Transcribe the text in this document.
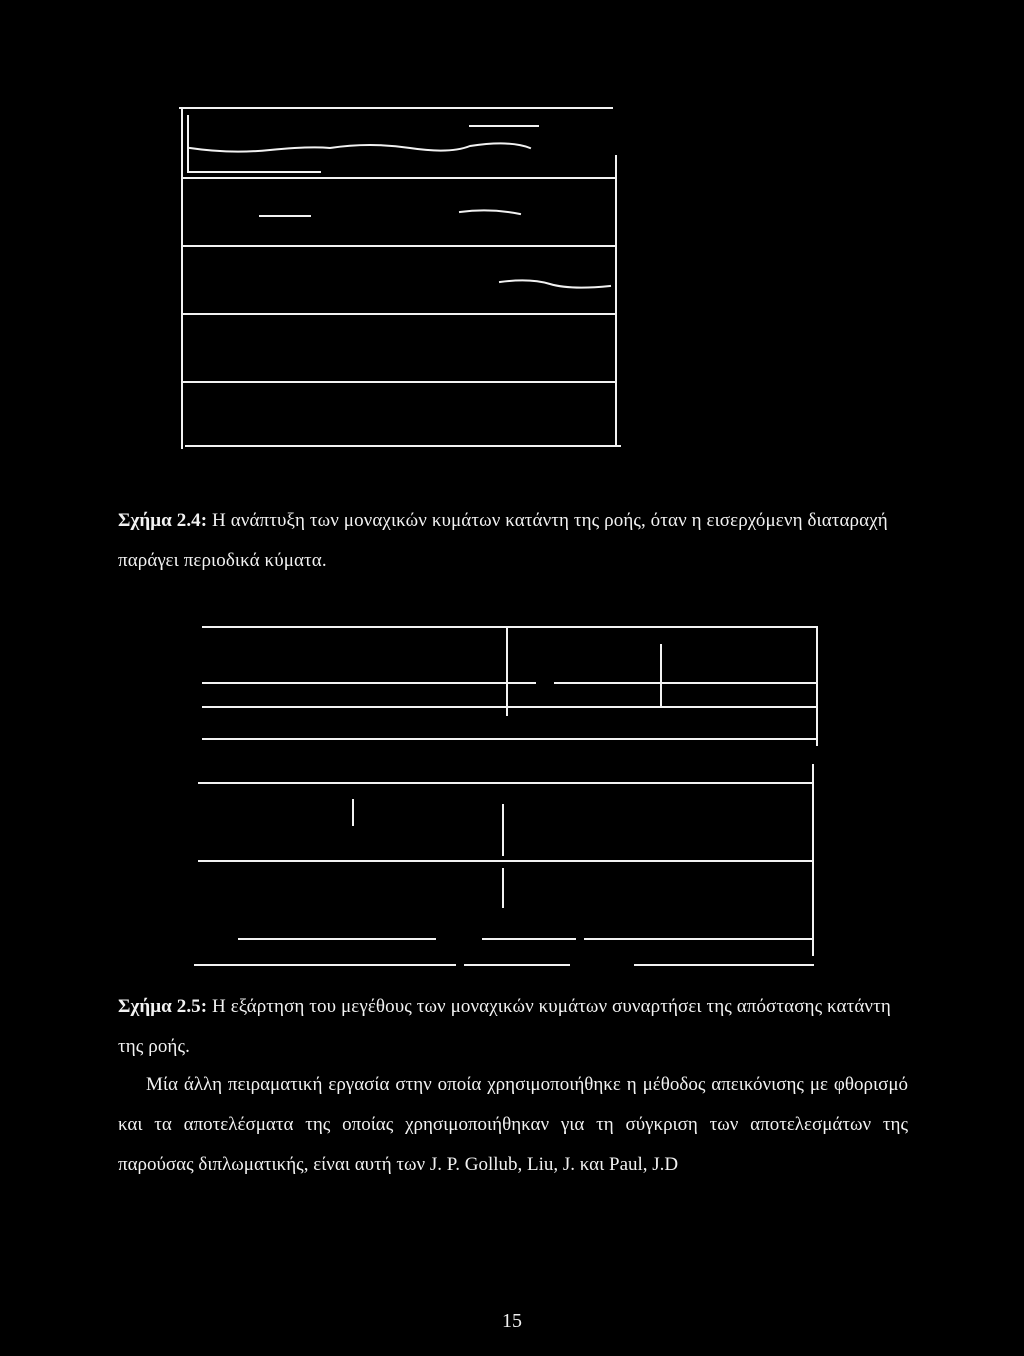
Σχήμα 2.4: Η ανάπτυξη των μοναχικών κυμάτων κατάντη της ροής, όταν η εισερχόμενη διαταραχή παράγει περιοδικά κύματα.

Σχήμα 2.5: Η εξάρτηση του μεγέθους των μοναχικών κυμάτων συναρτήσει της απόστασης κατάντη της ροής.

Μία άλλη πειραματική εργασία στην οποία χρησιμοποιήθηκε η μέθοδος απεικόνισης με φθορισμό και τα αποτελέσματα της οποίας χρησιμοποιήθηκαν για τη σύγκριση των αποτελεσμάτων της παρούσας διπλωματικής, είναι αυτή των J. P. Gollub, Liu, J. και Paul, J.D

15
